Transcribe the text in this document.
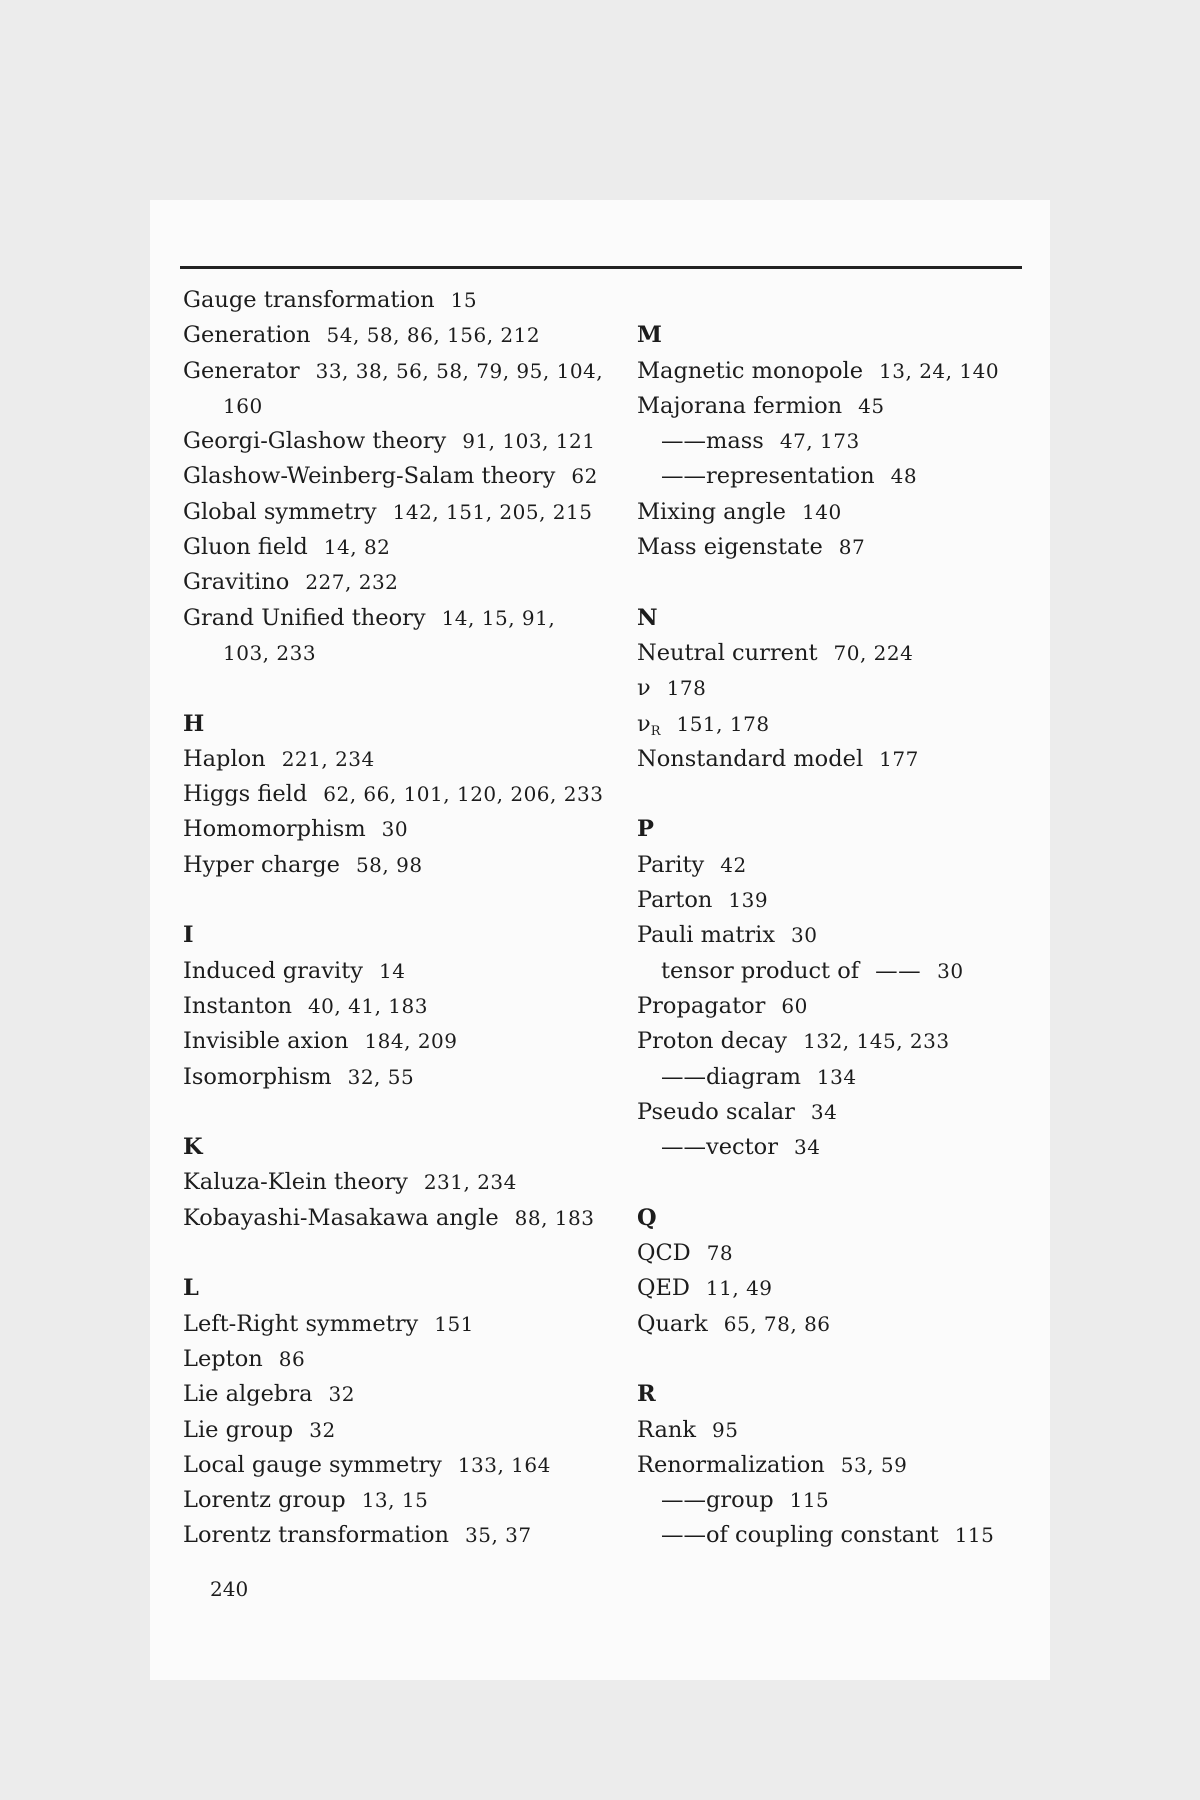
Gauge transformation 15
Generation 54, 58, 86, 156, 212
Generator 33, 38, 56, 58, 79, 95, 104,
160
Georgi-Glashow theory 91, 103, 121
Glashow-Weinberg-Salam theory 62
Global symmetry 142, 151, 205, 215
Gluon field 14, 82
Gravitino 227, 232
Grand Unified theory 14, 15, 91,
103, 233
H
Haplon 221, 234
Higgs field 62, 66, 101, 120, 206, 233
Homomorphism 30
Hyper charge 58, 98
I
Induced gravity 14
Instanton 40, 41, 183
Invisible axion 184, 209
Isomorphism 32, 55
K
Kaluza-Klein theory 231, 234
Kobayashi-Masakawa angle 88, 183
L
Left-Right symmetry 151
Lepton 86
Lie algebra 32
Lie group 32
Local gauge symmetry 133, 164
Lorentz group 13, 15
Lorentz transformation 35, 37
M
Magnetic monopole 13, 24, 140
Majorana fermion 45
—— mass 47, 173
—— representation 48
Mixing angle 140
Mass eigenstate 87
N
Neutral current 70, 224
ν 178
νR 151, 178
Nonstandard model 177
P
Parity 42
Parton 139
Pauli matrix 30
tensor product of——	30
Propagator 60
Proton decay 132, 145, 233
—— diagram 134
Pseudo scalar 34
—— vector 34
Q
QCD 78
QED 11, 49
Quark 65, 78, 86
R
Rank 95
Renormalization 53, 59
—— group 115
—— of coupling constant 115
240
